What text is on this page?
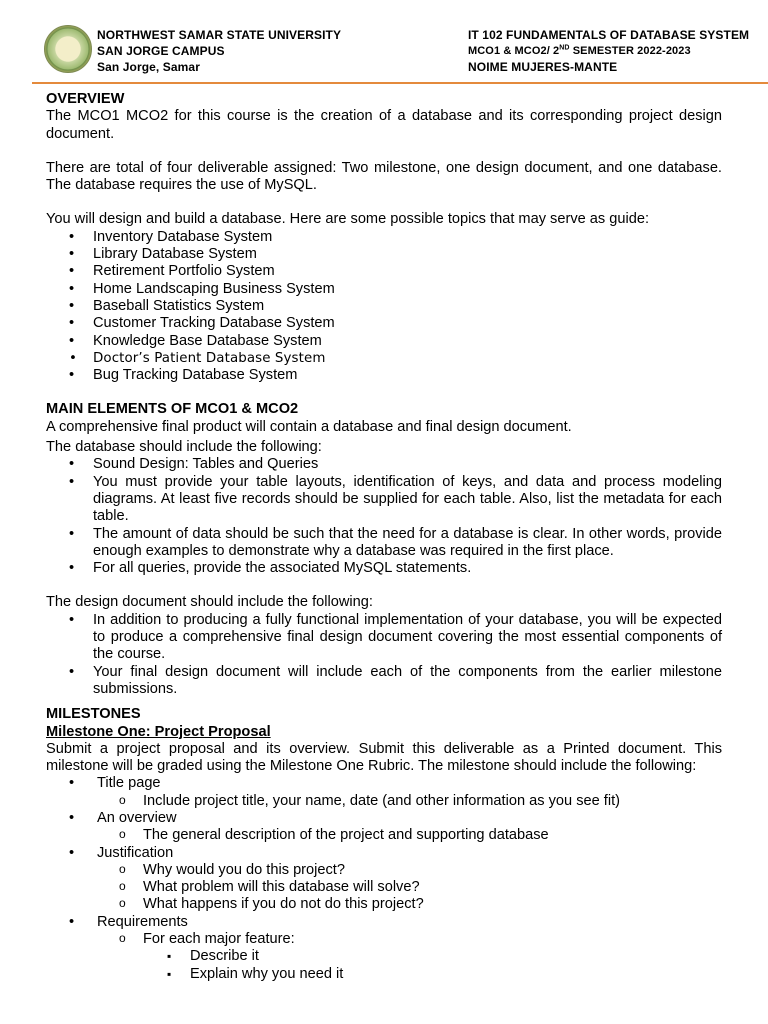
NORTHWEST SAMAR STATE UNIVERSITY
SAN JORGE CAMPUS
San Jorge, Samar
IT 102 FUNDAMENTALS OF DATABASE SYSTEM
MCO1 & MCO2/ 2ND SEMESTER 2022-2023
NOIME MUJERES-MANTE
OVERVIEW

The MCO1 MCO2 for this course is the creation of a database and its corresponding project design document.

There are total of four deliverable assigned: Two milestone, one design document, and one database. The database requires the use of MySQL.

You will design and build a database. Here are some possible topics that may serve as guide:

• Inventory Database System
• Library Database System
• Retirement Portfolio System
• Home Landscaping Business System
• Baseball Statistics System
• Customer Tracking Database System
• Knowledge Base Database System
• Doctor’s Patient Database System
• Bug Tracking Database System
MAIN ELEMENTS OF MCO1 & MCO2

A comprehensive final product will contain a database and final design document.

The database should include the following:

• Sound Design: Tables and Queries
• You must provide your table layouts, identification of keys, and data and process modeling diagrams. At least five records should be supplied for each table. Also, list the metadata for each table.
• The amount of data should be such that the need for a database is clear. In other words, provide enough examples to demonstrate why a database was required in the first place.
• For all queries, provide the associated MySQL statements.

The design document should include the following:

• In addition to producing a fully functional implementation of your database, you will be expected to produce a comprehensive final design document covering the most essential components of the course.
• Your final design document will include each of the components from the earlier milestone submissions.
MILESTONES
Milestone One: Project Proposal

Submit a project proposal and its overview. Submit this deliverable as a Printed document. This milestone will be graded using the Milestone One Rubric. The milestone should include the following:

• Title page
o Include project title, your name, date (and other information as you see fit)
• An overview
o The general description of the project and supporting database
• Justification
o Why would you do this project?
o What problem will this database will solve?
o What happens if you do not do this project?
• Requirements
o For each major feature:
▪ Describe it
▪ Explain why you need it
